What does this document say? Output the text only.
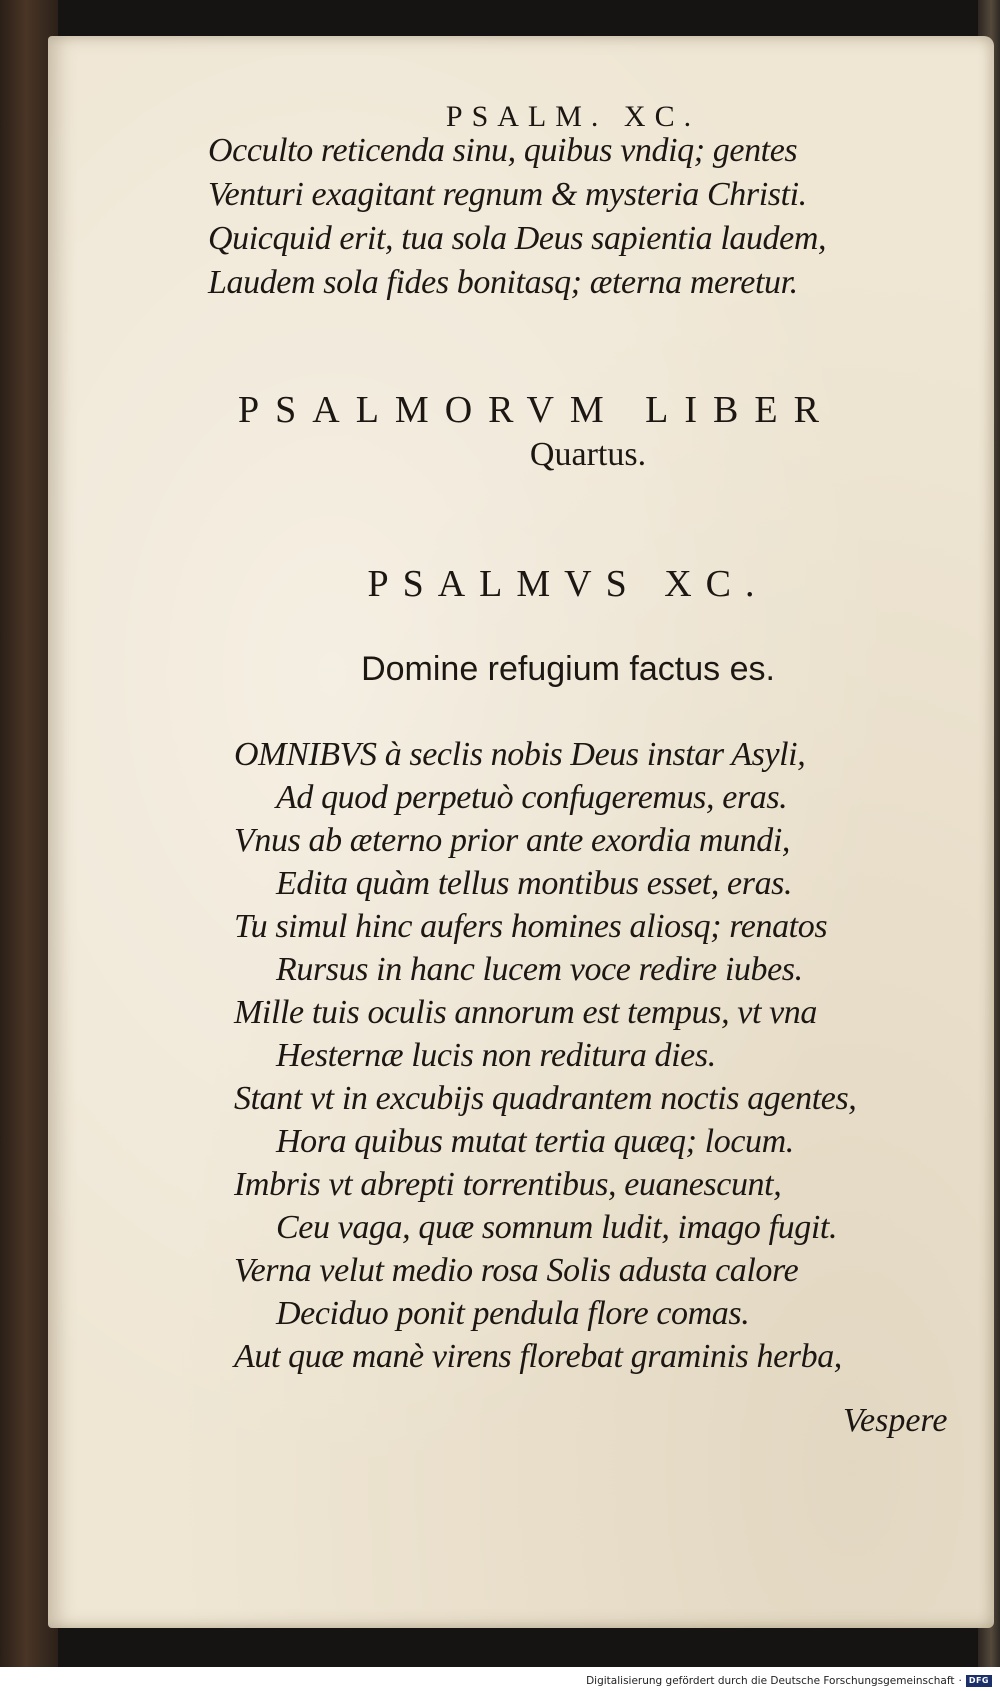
PSALM. XC.
Occulto reticenda sinu, quibus vndiq; gentes
Venturi exagitant regnum & mysteria Christi.
Quicquid erit, tua sola Deus sapientia laudem,
Laudem sola fides bonitasq; æterna meretur.
PSALMORVM LIBER
Quartus.
PSALMVS XC.
Domine refugium factus es.
OMNIBVS à seclis nobis Deus instar Asyli,
Ad quod perpetuò confugeremus, eras.
Vnus ab æterno prior ante exordia mundi,
Edita quàm tellus montibus esset, eras.
Tu simul hinc aufers homines aliosq; renatos
Rursus in hanc lucem voce redire iubes.
Mille tuis oculis annorum est tempus, vt vna
Hesternæ lucis non reditura dies.
Stant vt in excubijs quadrantem noctis agentes,
Hora quibus mutat tertia quæq; locum.
Imbris vt abrepti torrentibus, euanescunt,
Ceu vaga, quæ somnum ludit, imago fugit.
Verna velut medio rosa Solis adusta calore
Deciduo ponit pendula flore comas.
Aut quæ manè virens florebat graminis herba,
Vespere
Digitalisierung gefördert durch die Deutsche Forschungsgemeinschaft · DFG
